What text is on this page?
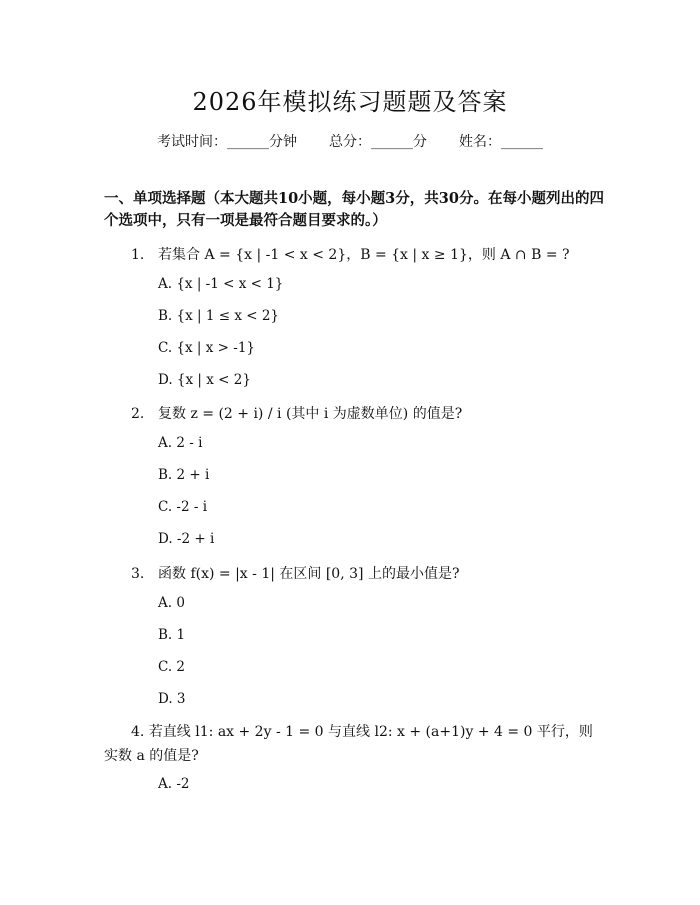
2026年模拟练习题题及答案
考试时间：______分钟 总分：______分 姓名：______
一、单项选择题（本大题共10小题，每小题3分，共30分。在每小题列出的四个选项中，只有一项是最符合题目要求的。）
1. 若集合 A = {x | -1 < x < 2}，B = {x | x ≥ 1}，则 A ∩ B = ?
A. {x | -1 < x < 1}
B. {x | 1 ≤ x < 2}
C. {x | x > -1}
D. {x | x < 2}
2. 复数 z = (2 + i) / i (其中 i 为虚数单位) 的值是?
A. 2 - i
B. 2 + i
C. -2 - i
D. -2 + i
3. 函数 f(x) = |x - 1| 在区间 [0, 3] 上的最小值是?
A. 0
B. 1
C. 2
D. 3
4. 若直线 l1: ax + 2y - 1 = 0 与直线 l2: x + (a+1)y + 4 = 0 平行，则实数 a 的值是?
A. -2
